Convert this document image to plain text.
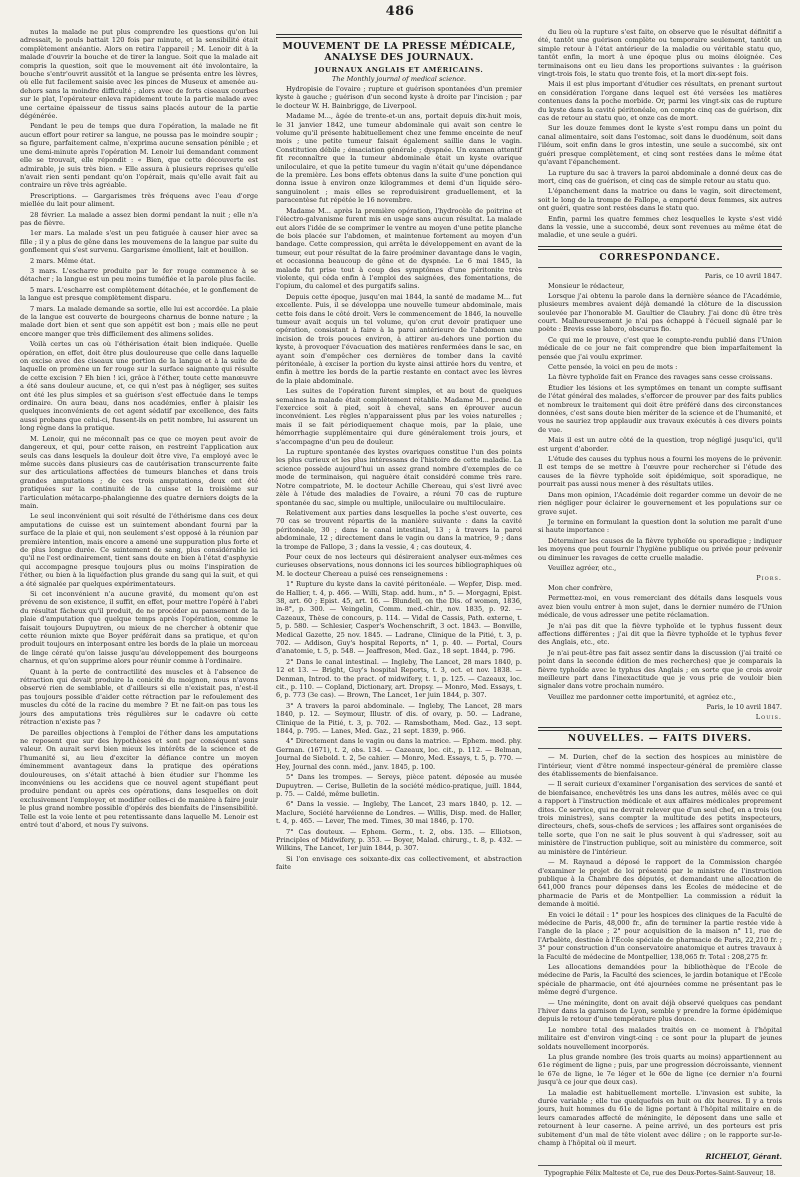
486

nutes la malade ne put plus comprendre les questions qu'on lui adressait, le pouls battait 120 fois par minute, et la sensibilité était complètement anéantie. Alors on retira l'appareil ; M. Lenoir dit à la malade d'ouvrir la bouche et de tirer la langue. Soit que la malade ait compris la question, soit que le mouvement ait été involontaire, la bouche s'entr'ouvrit aussitôt et la langue se présenta entre les lèvres, où elle fut facilement saisie avec les pinces de Museux et amenée au-dehors sans la moindre difficulté ; alors avec de forts ciseaux courbes sur le plat, l'opérateur enleva rapidement toute la partie malade avec une certaine épaisseur de tissus sains placés autour de la partie dégénérée.

Pendant le peu de temps que dura l'opération, la malade ne fit aucun effort pour retirer sa langue, ne poussa pas le moindre soupir ; sa figure, parfaitement calme, n'exprima aucune sensation pénible ; et une demi-minute après l'opération M. Lenoir lui demandant comment elle se trouvait, elle répondit : « Bien, que cette découverte est admirable, je suis très bien. » Elle assura à plusieurs reprises qu'elle n'avait rien senti pendant qu'on l'opérait, mais qu'elle avait fait au contraire un rêve très agréable.

Prescriptions. — Gargarismes très fréquens avec l'eau d'orge miellée du lait pour aliment.

28 février. La malade a assez bien dormi pendant la nuit ; elle n'a pas de fièvre.

1er mars. La malade s'est un peu fatiguée à causer hier avec sa fille ; il y a plus de gêne dans les mouvemens de la langue par suite du gonflement qui s'est survenu. Gargarisme émollient, lait et bouillon.

2 mars. Même état.

3 mars. L'escharre produite par le fer rouge commence à se détacher ; la langue est un peu moins tuméfiée et la parole plus facile.

5 mars. L'escharre est complètement détachée, et le gonflement de la langue est presque complètement disparu.

7 mars. La malade demande sa sortie, elle lui est accordée. La plaie de la langue est couverte de bourgeons charnus de bonne nature ; la malade dort bien et sent que son appétit est bon ; mais elle ne peut encore manger que très difficilement des alimens solides.

Voilà certes un cas où l'éthérisation était bien indiquée. Quelle opération, en effet, doit être plus douloureuse que celle dans laquelle on excise avec des ciseaux une portion de la langue et à la suite de laquelle on promène un fer rouge sur la surface saignante qui résulte de cette excision ? Eh bien ! ici, grâce à l'éther, toute cette manœuvre a été sans douleur aucune, et, ce qui n'est pas à négliger, ses suites ont été les plus simples et sa guérison s'est effectuée dans le temps ordinaire. On aura beau, dans nos académies, enfler à plaisir les quelques inconvénients de cet agent sédatif par excellence, des faits aussi probans que celui-ci, fussent-ils en petit nombre, lui assurent un long règne dans la pratique.

M. Lenoir, qui ne méconnaît pas ce que ce moyen peut avoir de dangereux, et qui, pour cette raison, en restreint l'application aux seuls cas dans lesquels la douleur doit être vive, l'a employé avec le même succès dans plusieurs cas de cautérisation transcurrente faite sur des articulations affectées de tumeurs blanches et dans trois grandes amputations ; de ces trois amputations, deux ont été pratiquées sur la continuité de la cuisse et la troisième sur l'articulation métacarpo-phalangienne des quatre derniers doigts de la main.

Le seul inconvénient qui soit résulté de l'éthérisme dans ces deux amputations de cuisse est un suintement abondant fourni par la surface de la plaie et qui, non seulement s'est opposé à la réunion par première intention, mais encore a amené une suppuration plus forte et de plus longue durée. Ce suintement de sang, plus considérable ici qu'il ne l'est ordinairement, tient sans doute en bien à l'état d'asphyxie qui accompagne presque toujours plus ou moins l'inspiration de l'éther, ou bien à la liquéfaction plus grande du sang qui la suit, et qui a été signalée par quelques expérimentateurs.

Si cet inconvénient n'a aucune gravité, du moment qu'on est prévenu de son existence, il suffit, en effet, pour mettre l'opéré à l'abri du résultat fâcheux qu'il produit, de ne procéder au pansement de la plaie d'amputation que quelque temps après l'opération, comme le faisait toujours Dupuytren, ou mieux de ne chercher à obtenir que cette réunion mixte que Boyer préférait dans sa pratique, et qu'on produit toujours en interposant entre les bords de la plaie un morceau de linge cératé qu'on laisse jusqu'au développement des bourgeons charnus, et qu'on supprime alors pour réunir comme à l'ordinaire.

Quant à la perte de contractilité des muscles et à l'absence de rétraction qui devait produire la conicité du moignon, nous n'avons observé rien de semblable, et d'ailleurs si elle n'existait pas, n'est-il pas toujours possible d'aider cette rétraction par le refoulement des muscles du côté de la racine du membre ? Et ne fait-on pas tous les jours des amputations très régulières sur le cadavre où cette rétraction n'existe pas ?

De pareilles objections à l'emploi de l'éther dans les amputations ne reposent que sur des hypothèses et sont par conséquent sans valeur. On aurait servi bien mieux les intérêts de la science et de l'humanité si, au lieu d'exciter la défiance contre un moyen éminemment avantageux dans la pratique des opérations douloureuses, on s'était attaché à bien étudier sur l'homme les inconvéniens ou les accidens que ce nouvel agent stupéfiant peut produire pendant ou après ces opérations, dans lesquelles on doit exclusivement l'employer, et modifier celles-ci de manière à faire jouir le plus grand nombre possible d'opérés des bienfaits de l'insensibilité. Telle est la voie lente et peu retentissante dans laquelle M. Lenoir est entré tout d'abord, et nous l'y suivons.

MOUVEMENT DE LA PRESSE MÉDICALE, ANALYSE DES JOURNAUX.
JOURNAUX ANGLAIS ET AMÉRICAINS.
The Monthly journal of medical science.

Hydropisie de l'ovaire ; rupture et guérison spontanées d'un premier kyste à gauche ; guérison d'un second kyste à droite par l'incision ; par le docteur W. H. Bainbrigge, de Liverpool.

Madame M..., âgée de trente-et-un ans, portait depuis dix-huit mois, le 31 janvier 1842, une tumeur abdominale qui avait son centre le volume qu'il présente habituellement chez une femme enceinte de neuf mois ; une petite tumeur faisait également saillie dans le vagin. Constitution débile ; émaciation générale ; dyspnée. Un examen attentif fit reconnaître que la tumeur abdominale était un kyste ovarique uniloculaire, et que la petite tumeur du vagin n'était qu'une dépendance de la première. Les bons effets obtenus dans la suite d'une ponction qui donna issue à environ onze kilogrammes et demi d'un liquide séro-sanguinolent ; mais elles se reproduisirent graduellement, et la paracentèse fut répétée le 16 novembre.

Madame M... après la première opération, l'hydrocèle de poitrine et l'électro-galvanisme furent mis en usage sans aucun résultat. La malade eut alors l'idée de se comprimer le ventre au moyen d'une petite planche de bois placée sur l'abdomen, et maintenue fortement au moyen d'un bandage. Cette compression, qui arrêta le développement en avant de la tumeur, eut pour résultat de la faire proéminer davantage dans le vagin, et occasionna beaucoup de gêne et de dyspnée. Le 6 mai 1845, la malade fut prise tout à coup des symptômes d'une péritonite très violente, qui céda enfin à l'emploi des saignées, des fomentations, de l'opium, du calomel et des purgatifs salins.

Depuis cette époque, jusqu'en mai 1844, la santé de madame M... fut excellente. Puis, il se développa une nouvelle tumeur abdominale, mais cette fois dans le côté droit. Vers le commencement de 1846, la nouvelle tumeur avait acquis un tel volume, qu'on crut devoir pratiquer une opération, consistant à faire à la paroi antérieure de l'abdomen une incision de trois pouces environ, à attirer au-dehors une portion du kyste, à provoquer l'évacuation des matières renfermées dans le sac, en ayant soin d'empêcher ces dernières de tomber dans la cavité péritonéale, à exciser la portion du kyste ainsi attirée hors du ventre, et enfin à mettre les bords de la partie restante en contact avec les lèvres de la plaie abdominale.

Les suites de l'opération furent simples, et au bout de quelques semaines la malade était complètement rétablie. Madame M... prend de l'exercice soit à pied, soit à cheval, sans en éprouver aucun inconvénient. Les règles n'apparaissent plus par les voies naturelles ; mais il se fait périodiquement chaque mois, par la plaie, une hémorrhagie supplémentaire qui dure généralement trois jours, et s'accompagne d'un peu de douleur.

La rupture spontanée des kystes ovariques constitue l'un des points les plus curieux et les plus intéressans de l'histoire de cette maladie. La science possède aujourd'hui un assez grand nombre d'exemples de ce mode de terminaison, qui naguère était considéré comme très rare. Notre compatriote, M. le docteur Achille Chereau, qui s'est livré avec zèle à l'étude des maladies de l'ovaire, a réuni 70 cas de rupture spontanée du sac, simple ou multiple, uniloculaire ou multiloculaire.

Relativement aux parties dans lesquelles la poche s'est ouverte, ces 70 cas se trouvent répartis de la manière suivante : dans la cavité péritonéale, 30 ; dans le canal intestinal, 13 ; à travers la paroi abdominale, 12 ; directement dans le vagin ou dans la matrice, 9 ; dans la trompe de Fallope, 3 ; dans la vessie, 4 ; cas douteux, 4.

Pour ceux de nos lecteurs qui désireraient analyser eux-mêmes ces curieuses observations, nous donnons ici les sources bibliographiques où M. le docteur Chereau a puisé ces renseignemens :

1° Rupture du kyste dans la cavité péritonéale. — Wepfer, Disp. med. de Hallier, t. 4, p. 466. — Willi, Stap. add. hum., n° 5. — Morgagni, Epist. 38, art. 60 ; Epist. 45, art. 16. — Blundell, on the Dis. of women, 1836, in-8°, p. 300. — Veingelin, Comm. med.-chir., nov. 1835, p. 92. — Cazeaux, Thèse de concours, p. 114. — Vidal de Cassis, Path. externe, t. 5, p. 580. — Schlesier, Casper's Wochenschrift, 3 oct. 1843. — Bonville, Medical Gazette, 25 nov. 1845. — Ladrane, Clinique de la Pitié, t. 3, p. 702. — Addison, Guy's hospital Reports, n° 1, p. 40. — Portal, Cours d'anatomie, t. 5, p. 548. — Jeaffreson, Med. Gaz., 18 sept. 1844, p. 796.

2° Dans le canal intestinal. — Ingleby, The Lancet, 28 mars 1840, p. 12 et 13. — Bright, Guy's hospital Reports, t. 3, oct. et nov. 1838. — Denman, Introd. to the pract. of midwifery, t. 1, p. 125. — Cazeaux, loc. cit., p. 110. — Copland, Dictionary, art. Dropsy. — Monro, Med. Essays, t. 6, p. 773 (3e cas). — Brown, The Lancet, 1er juin 1844, p. 307.

3° A travers la paroi abdominale. — Ingleby, The Lancet, 28 mars 1840, p. 12. — Seymour, Illustr. of dis. of ovary, p. 50. — Ladrane, Clinique de la Pitié, t. 3, p. 702. — Ramsbotham, Med. Gaz., 13 sept. 1844, p. 795. — Lanes, Med. Gaz., 21 sept. 1839, p. 966.

4° Directement dans le vagin ou dans la matrice. — Ephem. med. phy. German. (1671), t. 2, obs. 134. — Cazeaux, loc. cit., p. 112. — Belman, Journal de Siebold. t. 2, 5e cahier. — Monro, Med. Essays, t. 5, p. 770. — Hey, Journal des conn. méd., janv. 1845, p. 100.

5° Dans les trompes. — Sereys, pièce patent. déposée au musée Dupuytren. — Cerise, Bulletin de la société médico-pratique, juill. 1844, p. 75. — Caldé, même bulletin.

6° Dans la vessie. — Ingleby, The Lancet, 23 mars 1840, p. 12. — Maclure, Société harvéienne de Londres. — Willis, Disp. med. de Haller, t. 4, p. 465. — Lever, The med. Times, 30 mai 1846, p. 170.

7° Cas douteux. — Ephem. Germ., t. 2, obs. 135. — Elliotson, Principles of Midwifery, p. 353. — Boyer, Malad. chirurg., t. 8, p. 432. — Wilkins, The Lancet, 1er juin 1844, p. 307.

Si l'on envisage ces soixante-dix cas collectivement, et abstraction faite

du lieu où la rupture s'est faite, on observe que le résultat définitif a été, tantôt une guérison complète ou temporaire seulement, tantôt un simple retour à l'état antérieur de la maladie ou véritable statu quo, tantôt enfin, la mort à une époque plus ou moins éloignée. Ces terminaisons ont eu lieu dans les proportions suivantes : la guérison vingt-trois fois, le statu quo trente fois, et la mort dix-sept fois.

Mais il est plus important d'étudier ces résultats, en prenant surtout en considération l'organe dans lequel est été versées les matières contenues dans la poche morbide. Or, parmi les vingt-six cas de rupture du kyste dans la cavité péritonéale, on compte cinq cas de guérison, dix cas de retour au statu quo, et onze cas de mort.

Sur les douze femmes dont le kyste s'est rompu dans un point du canal alimentaire, soit dans l'estomac, soit dans le duodénum, soit dans l'iléum, soit enfin dans le gros intestin, une seule a succombé, six ont guéri presque complètement, et cinq sont restées dans le même état qu'avant l'épanchement.

La rupture du sac à travers la paroi abdominale a donné deux cas de mort, cinq cas de guérison, et cinq cas de simple retour au statu quo.

L'épanchement dans la matrice ou dans le vagin, soit directement, soit le long de la trompe de Fallope, a emporté deux femmes, six autres ont guéri, quatre sont restées dans le statu quo.

Enfin, parmi les quatre femmes chez lesquelles le kyste s'est vidé dans la vessie, une a succombé, deux sont revenues au même état de maladie, et une seule a guéri.

CORRESPONDANCE.
Paris, ce 10 avril 1847.
Monsieur le rédacteur,

Lorsque j'ai obtenu la parole dans la dernière séance de l'Académie, plusieurs membres avaient déjà demandé la clôture de la discussion soulevée par l'honorable M. Gaultier de Claubry. J'ai donc dû être très court. Malheureusement je n'ai pas échappé à l'écueil signalé par le poète : Brevis esse laboro, obscurus fio.

Ce qui me le prouve, c'est que le compte-rendu publié dans l'Union médicale de ce jour ne fait comprendre que bien imparfaitement la pensée que j'ai voulu exprimer.

Cette pensée, la voici en peu de mots :

La fièvre typhoïde fait en France des ravages sans cesse croissans.

Étudier les lésions et les symptômes en tenant un compte suffisant de l'état général des malades, s'efforcer de prouver par des faits publics et nombreux le traitement qui doit être préféré dans des circonstances données, c'est sans doute bien mériter de la science et de l'humanité, et vous ne sauriez trop applaudir aux travaux exécutés à ces divers points de vue.

Mais il est un autre côté de la question, trop négligé jusqu'ici, qu'il est urgent d'aborder.

L'étude des causes du typhus nous a fourni les moyens de le prévenir. Il est temps de se mettre à l'œuvre pour rechercher si l'étude des causes de la fièvre typhoïde soit épidémique, soit sporadique, ne pourrait pas aussi nous mener à des résultats utiles.

Dans mon opinion, l'Académie doit regarder comme un devoir de ne rien négliger pour éclairer le gouvernement et les populations sur ce grave sujet.

Je termine en formulant la question dont la solution me paraît d'une si haute importance :

Déterminer les causes de la fièvre typhoïde ou sporadique ; indiquer les moyens que peut fournir l'hygiène publique ou privée pour prévenir ou diminuer les ravages de cette cruelle maladie.

Veuillez agréer, etc.,

Piors.
Mon cher confrère,

Permettez-moi, en vous remerciant des détails dans lesquels vous avez bien voulu entrer à mon sujet, dans le dernier numéro de l'Union médicale, de vous adresser une petite réclamation.

Je n'ai pas dit que la fièvre typhoïde et le typhus fussent deux affections différentes ; j'ai dit que la fièvre typhoïde et le typhus fever des Anglais, etc., etc.

Je n'ai peut-être pas fait assez sentir dans la discussion (j'ai traité ce point dans la seconde édition de mes recherches) que je comparais la fièvre typhoïde avec le typhus des Anglais ; en sorte que je crois avoir meilleure part dans l'inexactitude que je vous prie de vouloir bien signaler dans votre prochain numéro.

Veuillez me pardonner cette importunité, et agréez etc.,

Paris, le 10 avril 1847.
Louis.
NOUVELLES. — FAITS DIVERS.

— M. Durien, chef de la section des hospices au ministère de l'intérieur, vient d'être nommé inspecteur-général de première classe des établissements de bienfaisance.

— Il serait curieux d'examiner l'organisation des services de santé et de bienfaisance, enchevêtrés les uns dans les autres, mêlés avec ce qui a rapport à l'instruction médicale et aux affaires médicales proprement dites. Ce service, qui ne devrait relever que d'un seul chef, en a trois (ou trois ministres), sans compter la multitude des petits inspecteurs, directeurs, chefs, sous-chefs de services ; les affaires sont organisées de telle sorte, que l'on ne sait le plus souvent à qui s'adresser, soit au ministère de l'instruction publique, soit au ministère du commerce, soit au ministère de l'intérieur.

— M. Raynaud a déposé le rapport de la Commission chargée d'examiner le projet de loi présenté par le ministre de l'instruction publique à la Chambre des députés, et demandant une allocation de 641,000 francs pour dépenses dans les Écoles de médecine et de pharmacie de Paris et de Montpellier. La commission a réduit la demande à moitié.

En voici le détail : 1° pour les hospices des cliniques de la Faculté de médecine de Paris, 48,000 fr., afin de terminer la partie restée vide à l'angle de la place ; 2° pour acquisition de la maison n° 11, rue de l'Arbalète, destinée à l'École spéciale de pharmacie de Paris, 22,210 fr. ; 3° pour construction d'un conservatoire anatomique et autres travaux à la Faculté de médecine de Montpellier, 138,065 fr. Total : 208,275 fr.

Les allocations demandées pour la bibliothèque de l'École de médecine de Paris, la Faculté des sciences, le jardin botanique et l'École spéciale de pharmacie, ont été ajournées comme ne présentant pas le même degré d'urgence.

— Une méningite, dont on avait déjà observé quelques cas pendant l'hiver dans la garnison de Lyon, semble y prendre la forme épidémique depuis le retour d'une température plus douce.

Le nombre total des malades traités en ce moment à l'hôpital militaire est d'environ vingt-cinq : ce sont pour la plupart de jeunes soldats nouvellement incorporés.

La plus grande nombre (les trois quarts au moins) appartiennent au 61e régiment de ligne ; puis, par une progression décroissante, viennent le 67e de ligne, le 7e léger et le 60e de ligne (ce dernier n'a fourni jusqu'à ce jour que deux cas).

La maladie est habituellement mortelle. L'invasion est subite, la durée variable ; elle tue quelquefois en huit ou dix heures. Il y a trois jours, huit hommes du 61e de ligne portant à l'hôpital militaire en de leurs camarades affecté de méningite, le déposent dans une salle et retournent à leur caserne. A peine arrivé, un des porteurs est pris subitement d'un mal de tête violent avec délire ; on le rapporte sur-le-champ à l'hôpital où il meurt.

RICHELOT, Gérant.
Typographie Félix Malteste et Ce, rue des Deux-Portes-Saint-Sauveur, 18.
